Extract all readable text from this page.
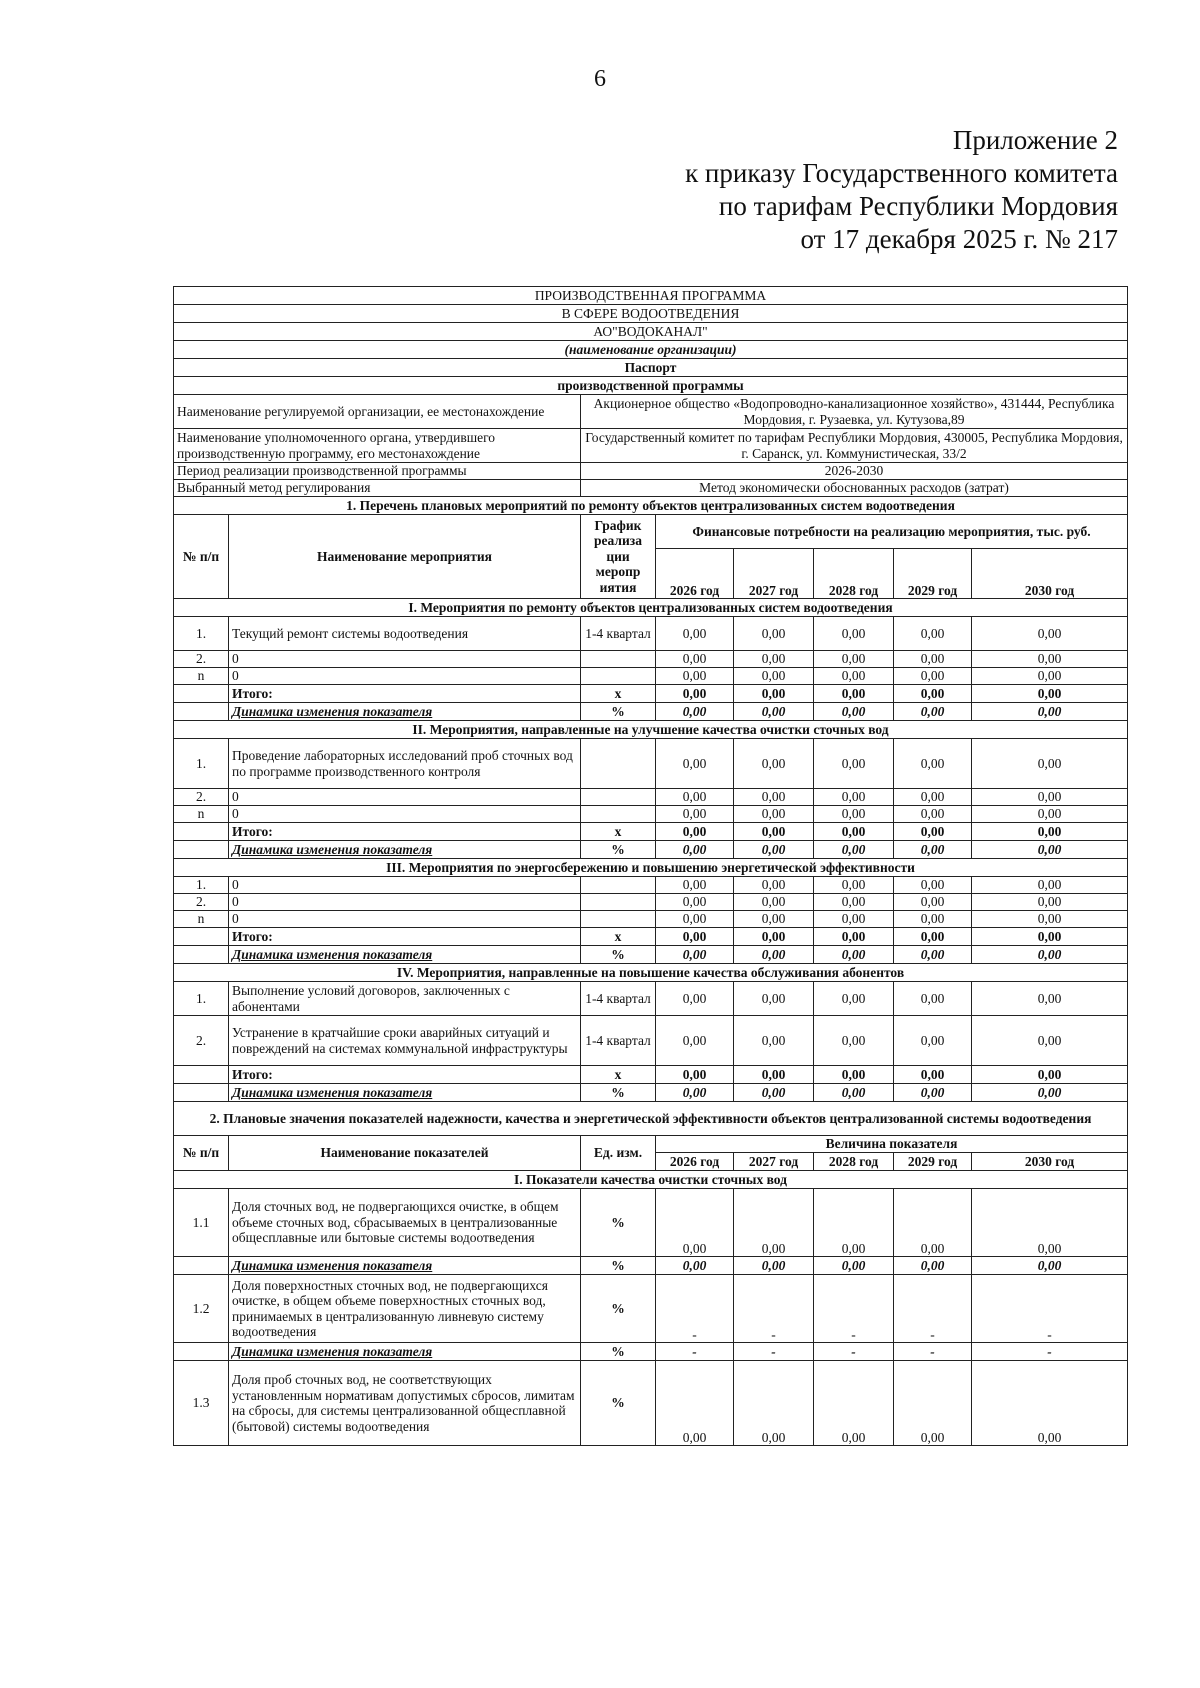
6
Приложение 2
к приказу Государственного комитета
по тарифам Республики Мордовия
от 17 декабря 2025 г. № 217
ПРОИЗВОДСТВЕННАЯ ПРОГРАММА							
В СФЕРЕ ВОДООТВЕДЕНИЯ							
АО"ВОДОКАНАЛ"							
(наименование организации)							
Паспорт							
производственной программы							
Наименование регулируемой организации, ее местонахождение		Акционерное общество «Водопроводно-канализационное хозяйство», 431444, Республика Мордовия, г. Рузаевка, ул. Кутузова,89					
Наименование уполномоченного органа, утвердившего производственную программу, его местонахождение		Государственный комитет по тарифам Республики Мордовия, 430005, Республика Мордовия, г. Саранск, ул. Коммунистическая, 33/2					
Период реализации производственной программы		2026-2030					
Выбранный метод регулирования		Метод экономически обоснованных расходов (затрат)					
1. Перечень плановых мероприятий по ремонту объектов централизованных систем водоотведения							
№ п/п	Наименование мероприятия	График реализа ции меропр иятия	Финансовые потребности на реализацию мероприятия, тыс. руб.				
			2026 год	2027 год	2028 год	2029 год	2030 год
I. Мероприятия по ремонту объектов централизованных систем водоотведения							
1.	Текущий ремонт системы водоотведения	1-4 квартал	0,00	0,00	0,00	0,00	0,00
2.	0		0,00	0,00	0,00	0,00	0,00
n	0		0,00	0,00	0,00	0,00	0,00
	Итого:	х	0,00	0,00	0,00	0,00	0,00
	Динамика изменения показателя	%	0,00	0,00	0,00	0,00	0,00
II. Мероприятия, направленные на улучшение качества очистки сточных вод							
1.	Проведение лабораторных исследований проб сточных вод по программе производственного контроля		0,00	0,00	0,00	0,00	0,00
2.	0		0,00	0,00	0,00	0,00	0,00
n	0		0,00	0,00	0,00	0,00	0,00
	Итого:	х	0,00	0,00	0,00	0,00	0,00
	Динамика изменения показателя	%	0,00	0,00	0,00	0,00	0,00
III. Мероприятия по энергосбережению и повышению энергетической эффективности							
1.	0		0,00	0,00	0,00	0,00	0,00
2.	0		0,00	0,00	0,00	0,00	0,00
n	0		0,00	0,00	0,00	0,00	0,00
	Итого:	х	0,00	0,00	0,00	0,00	0,00
	Динамика изменения показателя	%	0,00	0,00	0,00	0,00	0,00
IV. Мероприятия, направленные на повышение качества обслуживания абонентов							
1.	Выполнение условий договоров, заключенных с абонентами	1-4 квартал	0,00	0,00	0,00	0,00	0,00
2.	Устранение в кратчайшие сроки аварийных ситуаций и повреждений на системах коммунальной инфраструктуры	1-4 квартал	0,00	0,00	0,00	0,00	0,00
	Итого:	х	0,00	0,00	0,00	0,00	0,00
	Динамика изменения показателя	%	0,00	0,00	0,00	0,00	0,00
2. Плановые значения показателей надежности, качества и энергетической эффективности объектов централизованной системы водоотведения							
№ п/п	Наименование показателей	Ед. изм.	Величина показателя				
			2026 год	2027 год	2028 год	2029 год	2030 год
I. Показатели качества очистки сточных вод							
1.1	Доля сточных вод, не подвергающихся очистке, в общем объеме сточных вод, сбрасываемых в централизованные общесплавные или бытовые системы водоотведения	%	0,00	0,00	0,00	0,00	0,00
	Динамика изменения показателя	%	0,00	0,00	0,00	0,00	0,00
1.2	Доля поверхностных сточных вод, не подвергающихся очистке, в общем объеме поверхностных сточных вод, принимаемых в централизованную ливневую систему водоотведения	%	-	-	-	-	-
	Динамика изменения показателя	%	-	-	-	-	-
1.3	Доля проб сточных вод, не соответствующих установленным нормативам допустимых сбросов, лимитам на сбросы, для системы централизованной общесплавной (бытовой) системы водоотведения	%	0,00	0,00	0,00	0,00	0,00
